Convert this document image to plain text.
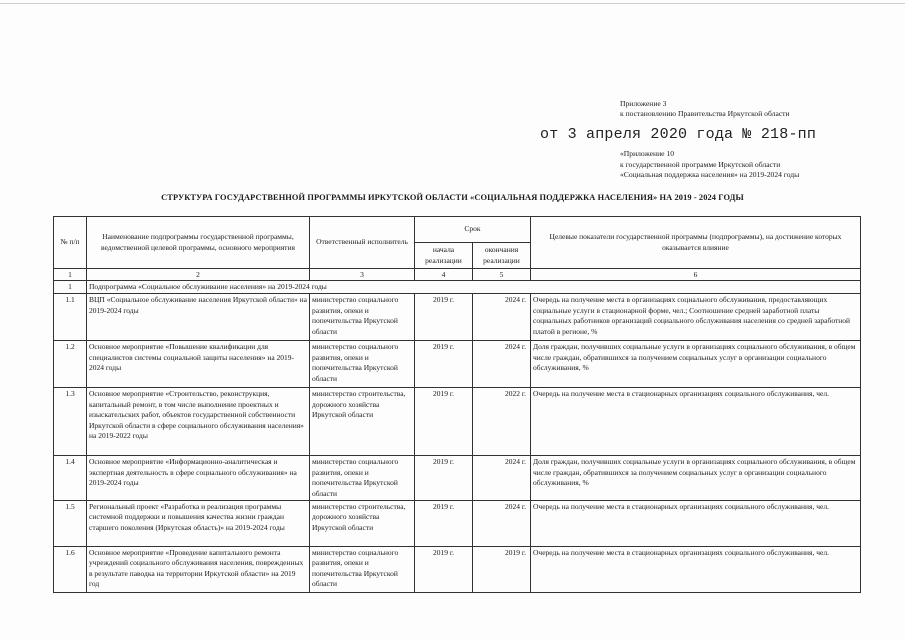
Приложение 3
к постановлению Правительства Иркутской области
от 3 апреля 2020 года № 218-пп
«Приложение 10
к государственной программе Иркутской области
«Социальная поддержка населения» на 2019-2024 годы
СТРУКТУРА ГОСУДАРСТВЕННОЙ ПРОГРАММЫ ИРКУТСКОЙ ОБЛАСТИ «СОЦИАЛЬНАЯ ПОДДЕРЖКА НАСЕЛЕНИЯ» НА 2019 - 2024 ГОДЫ
№ п/п	Наименование подпрограммы государственной программы, ведомственной целевой программы, основного мероприятия	Ответственный исполнитель	Срок		Целевые показатели государственной программы (подпрограммы), на достижение которых оказывается влияние
			начала реализации	окончания реализации	
1	2	3	4	5	6
1	Подпрограмма «Социальное обслуживание населения» на 2019-2024 годы				
1.1	ВЦП «Социальное обслуживание населения Иркутской области» на 2019-2024 годы	министерство социального развития, опеки и попечительства Иркутской области	2019 г.	2024 г.	Очередь на получение места в организациях социального обслуживания, предоставляющих социальные услуги в стационарной форме, чел.; Соотношение средней заработной платы социальных работников организаций социального обслуживания населения со средней заработной платой в регионе, %
1.2	Основное мероприятие «Повышение квалификации для специалистов системы социальной защиты населения» на 2019-2024 годы	министерство социального развития, опеки и попечительства Иркутской области	2019 г.	2024 г.	Доля граждан, получивших социальные услуги в организациях социального обслуживания, в общем числе граждан, обратившихся за получением социальных услуг в организации социального обслуживания, %
1.3	Основное мероприятие «Строительство, реконструкция, капитальный ремонт, в том числе выполнение проектных и изыскательских работ, объектов государственной собственности Иркутской области в сфере социального обслуживания населения» на 2019-2022 годы	министерство строительства, дорожного хозяйства Иркутской области	2019 г.	2022 г.	Очередь на получение места в стационарных организациях социального обслуживания, чел.
1.4	Основное мероприятие «Информационно-аналитическая и экспертная деятельность в сфере социального обслуживания» на 2019-2024 годы	министерство социального развития, опеки и попечительства Иркутской области	2019 г.	2024 г.	Доля граждан, получивших социальные услуги в организациях социального обслуживания, в общем числе граждан, обратившихся за получением социальных услуг в организации социального обслуживания, %
1.5	Региональный проект «Разработка и реализация программы системной поддержки и повышения качества жизни граждан старшего поколения (Иркутская область)» на 2019-2024 годы	министерство строительства, дорожного хозяйства Иркутской области	2019 г.	2024 г.	Очередь на получение места в стационарных организациях социального обслуживания, чел.
1.6	Основное мероприятие «Проведение капитального ремонта учреждений социального обслуживания населения, поврежденных в результате паводка на территории Иркутской области» на 2019 год	министерство социального развития, опеки и попечительства Иркутской области	2019 г.	2019 г.	Очередь на получение места в стационарных организациях социального обслуживания, чел.
